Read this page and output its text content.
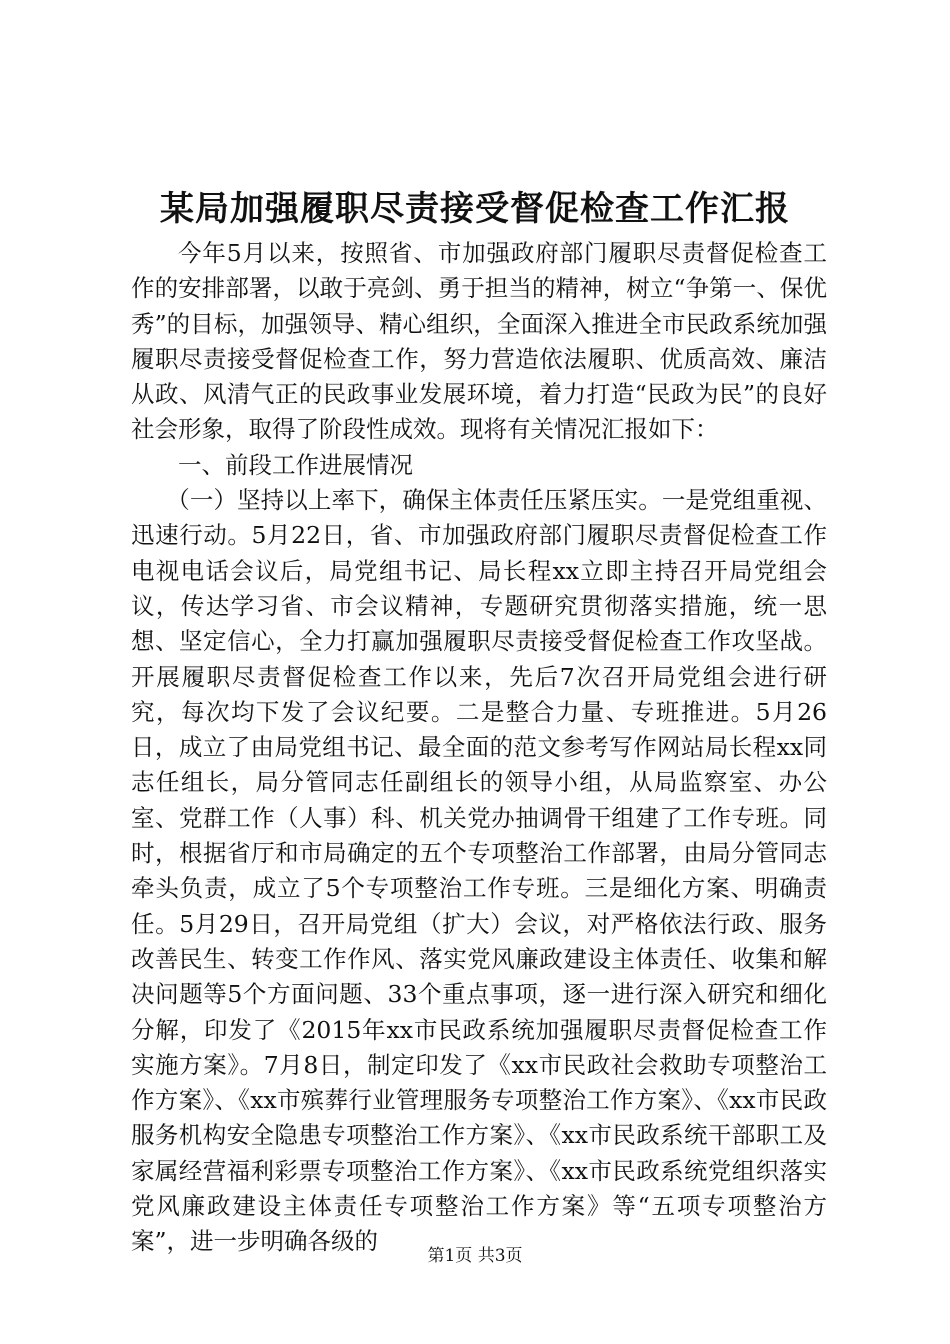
某局加强履职尽责接受督促检查工作汇报

今年5月以来，按照省、市加强政府部门履职尽责督促检查工作的安排部署，以敢于亮剑、勇于担当的精神，树立“争第一、保优秀”的目标，加强领导、精心组织，全面深入推进全市民政系统加强履职尽责接受督促检查工作，努力营造依法履职、优质高效、廉洁从政、风清气正的民政事业发展环境，着力打造“民政为民”的良好社会形象，取得了阶段性成效。现将有关情况汇报如下：

一、前段工作进展情况

（一）坚持以上率下，确保主体责任压紧压实。一是党组重视、迅速行动。5月22日，省、市加强政府部门履职尽责督促检查工作电视电话会议后，局党组书记、局长程xx立即主持召开局党组会议，传达学习省、市会议精神，专题研究贯彻落实措施，统一思想、坚定信心，全力打赢加强履职尽责接受督促检查工作攻坚战。开展履职尽责督促检查工作以来，先后7次召开局党组会进行研究，每次均下发了会议纪要。二是整合力量、专班推进。5月26日，成立了由局党组书记、最全面的范文参考写作网站局长程xx同志任组长，局分管同志任副组长的领导小组，从局监察室、办公室、党群工作（人事）科、机关党办抽调骨干组建了工作专班。同时，根据省厅和市局确定的五个专项整治工作部署，由局分管同志牵头负责，成立了5个专项整治工作专班。三是细化方案、明确责任。5月29日，召开局党组（扩大）会议，对严格依法行政、服务改善民生、转变工作作风、落实党风廉政建设主体责任、收集和解决问题等5个方面问题、33个重点事项，逐一进行深入研究和细化分解，印发了《2015年xx市民政系统加强履职尽责督促检查工作实施方案》。7月8日，制定印发了《xx市民政社会救助专项整治工作方案》、《xx市殡葬行业管理服务专项整治工作方案》、《xx市民政服务机构安全隐患专项整治工作方案》、《xx市民政系统干部职工及家属经营福利彩票专项整治工作方案》、《xx市民政系统党组织落实党风廉政建设主体责任专项整治工作方案》等“五项专项整治方案”，进一步明确各级的

第1页 共3页
